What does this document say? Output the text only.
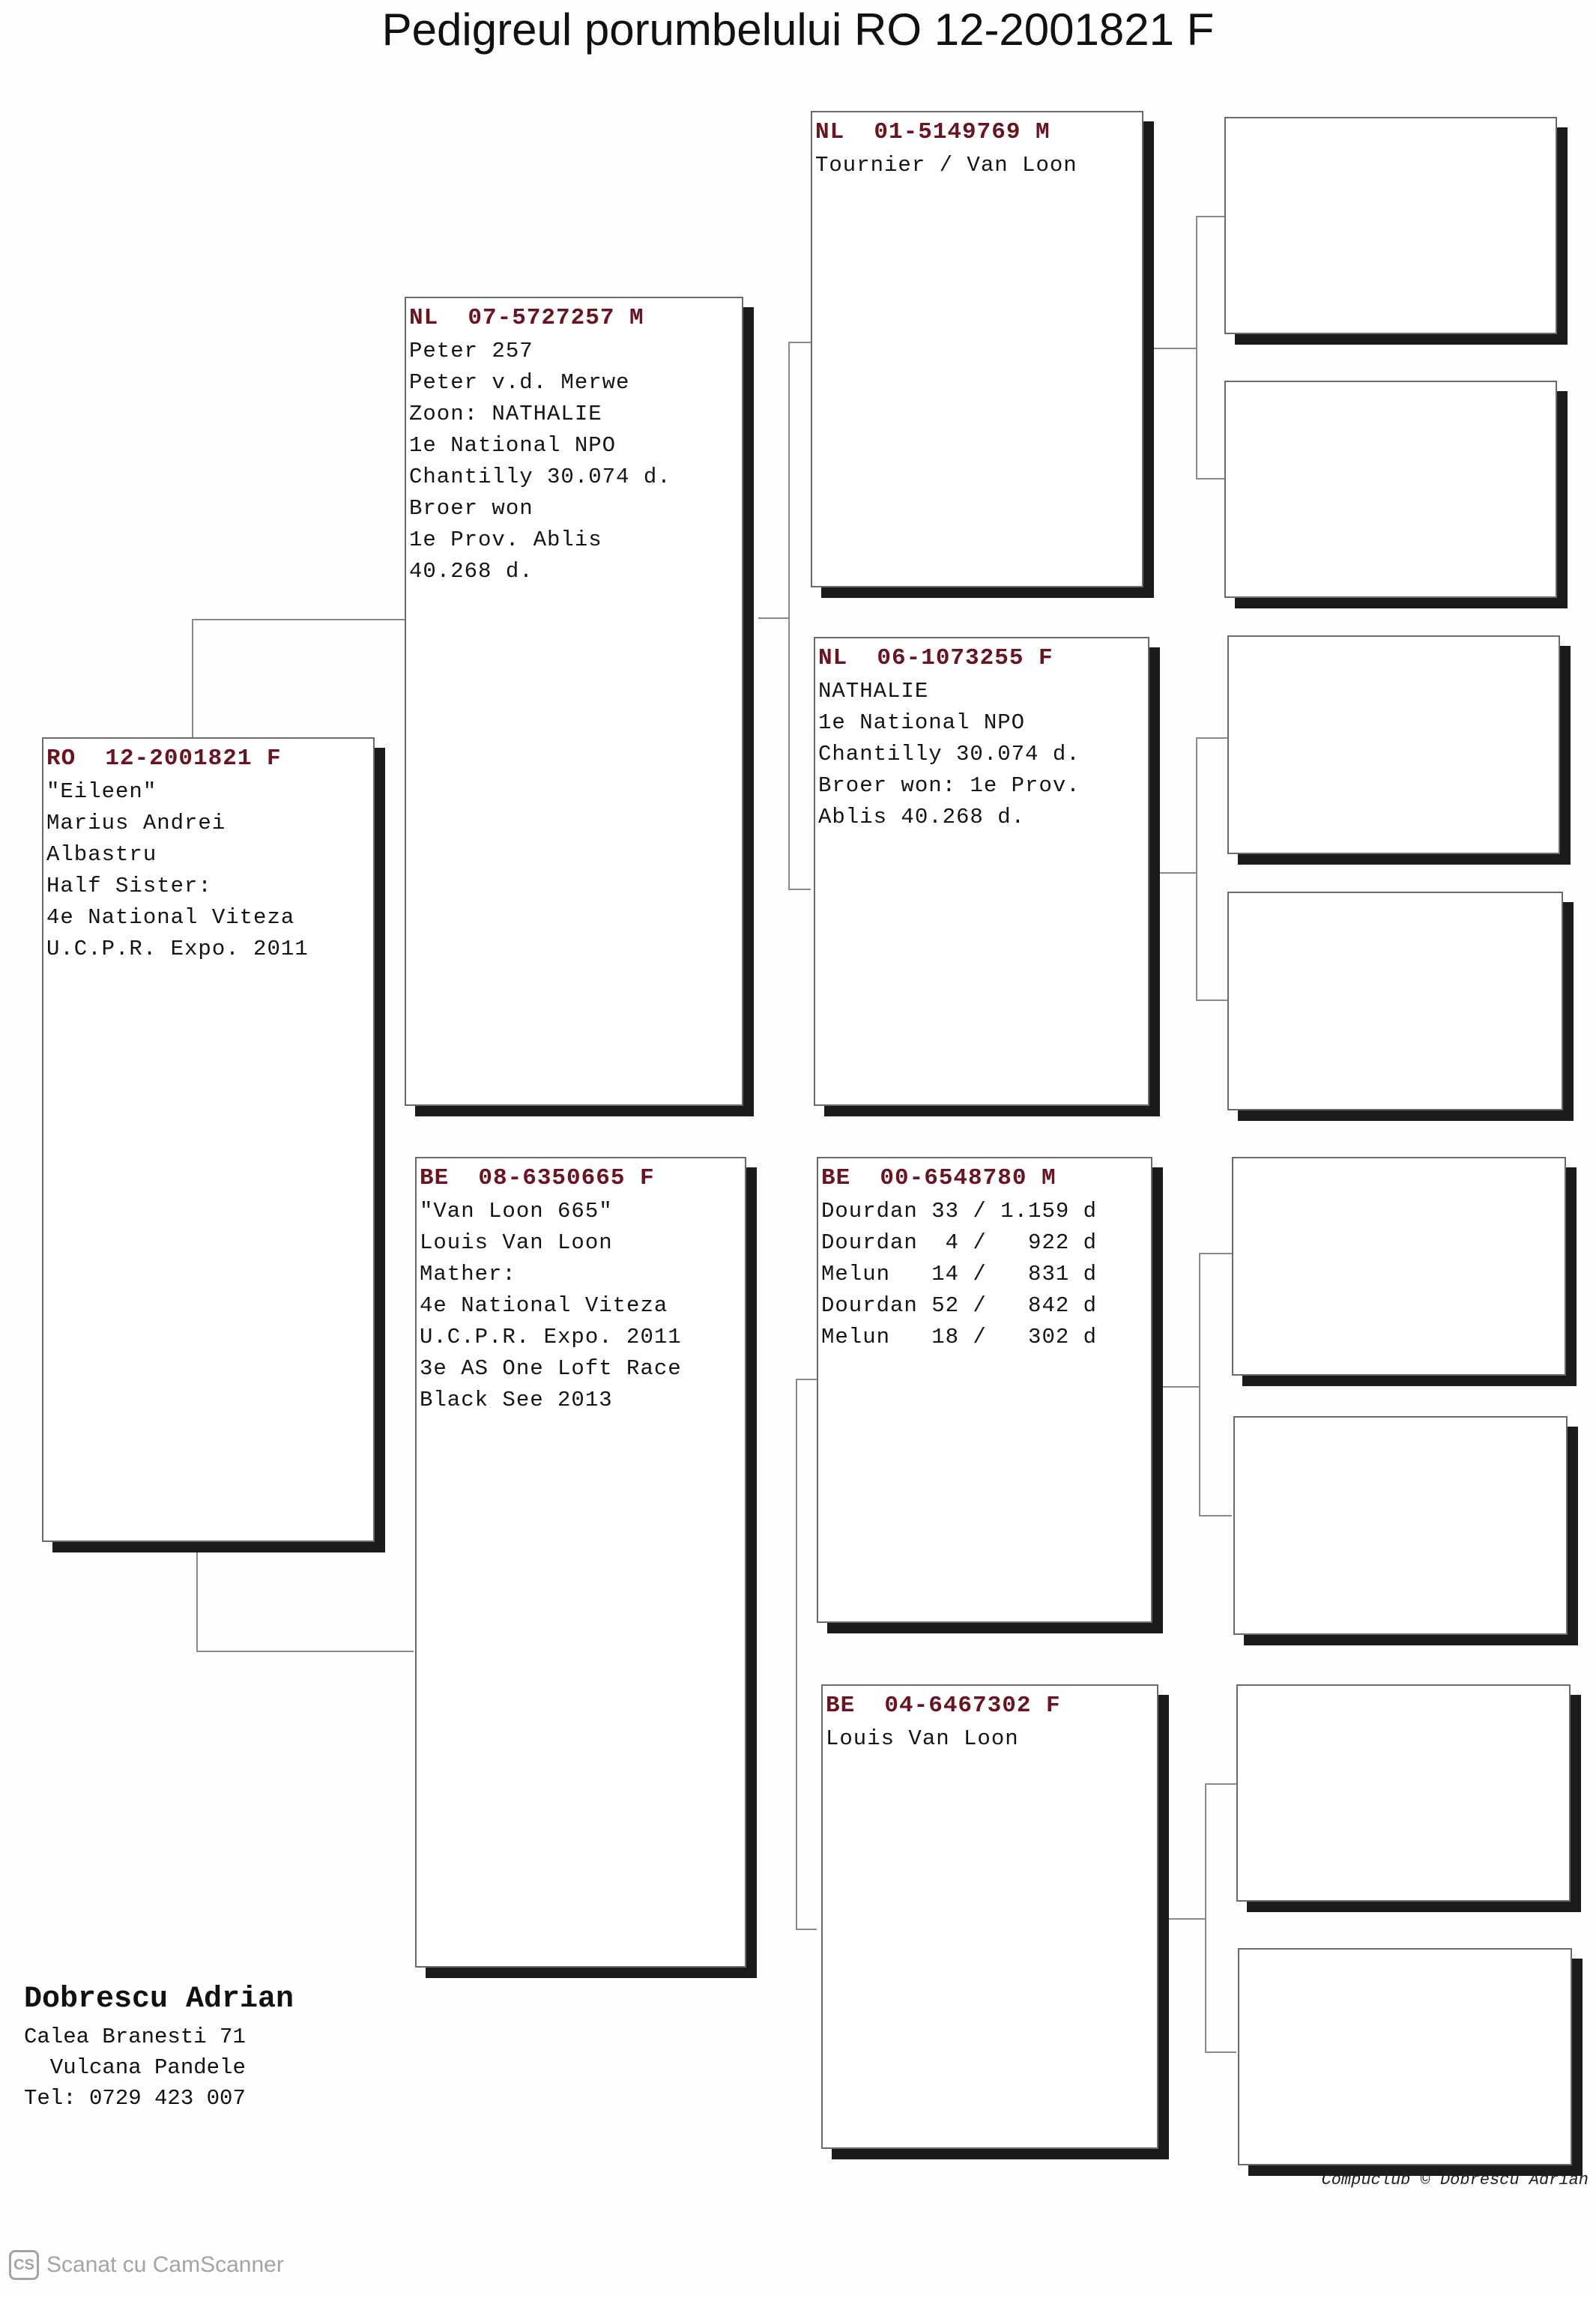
Pedigreul porumbelului RO 12-2001821 F
RO  12-2001821 F
"Eileen"
Marius Andrei
Albastru
Half Sister:
4e National Viteza
U.C.P.R. Expo. 2011
NL  07-5727257 M
Peter 257
Peter v.d. Merwe
Zoon: NATHALIE
1e National NPO
Chantilly 30.074 d.
Broer won
1e Prov. Ablis
40.268 d.
BE  08-6350665 F
"Van Loon 665"
Louis Van Loon
Mather:
4e National Viteza
U.C.P.R. Expo. 2011
3e AS One Loft Race
Black See 2013
NL  01-5149769 M
Tournier / Van Loon
NL  06-1073255 F
NATHALIE
1e National NPO
Chantilly 30.074 d.
Broer won: 1e Prov.
Ablis 40.268 d.
BE  00-6548780 M
Dourdan 33 / 1.159 d
Dourdan  4 /   922 d
Melun   14 /   831 d
Dourdan 52 /   842 d
Melun   18 /   302 d
BE  04-6467302 F
Louis Van Loon
Dobrescu Adrian
Calea Branesti 71
Vulcana Pandele
Tel: 0729 423 007
Compuclub © Dobrescu Adrian
CS Scanat cu CamScanner
